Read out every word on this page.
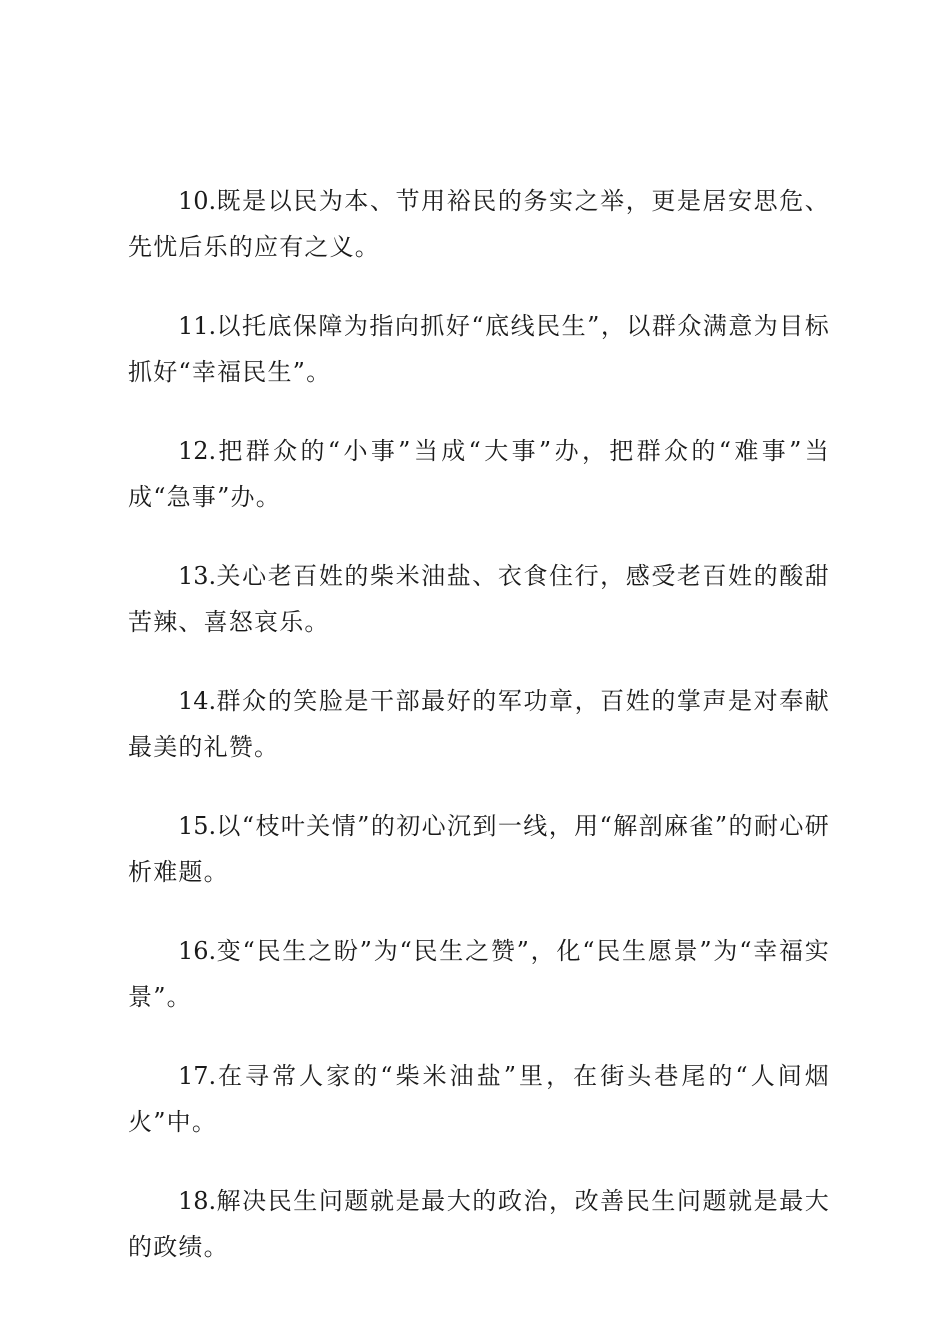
10.既是以民为本、节用裕民的务实之举，更是居安思危、先忧后乐的应有之义。

11.以托底保障为指向抓好“底线民生”，以群众满意为目标抓好“幸福民生”。

12.把群众的“小事”当成“大事”办，把群众的“难事”当成“急事”办。

13.关心老百姓的柴米油盐、衣食住行，感受老百姓的酸甜苦辣、喜怒哀乐。

14.群众的笑脸是干部最好的军功章，百姓的掌声是对奉献最美的礼赞。

15.以“枝叶关情”的初心沉到一线，用“解剖麻雀”的耐心研析难题。

16.变“民生之盼”为“民生之赞”，化“民生愿景”为“幸福实景”。

17.在寻常人家的“柴米油盐”里，在街头巷尾的“人间烟火”中。

18.解决民生问题就是最大的政治，改善民生问题就是最大的政绩。
